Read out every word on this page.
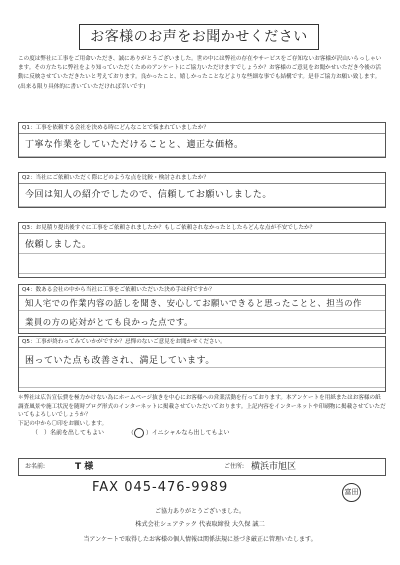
お客様のお声をお聞かせください
この度は弊社に工事をご用命いただき、誠にありがとうございました。世の中には弊社の存在やサービスをご存知ないお客様が沢山いらっしゃいます。その方たちに弊社をより知っていただくためのアンケートにご協力いただけますでしょうか？お客様のご意見をお聞かせいただき今後の活動に反映させていただきたいと考えております。良かったこと、嬉しかったことなどよりな些細な事でも結構です。是非ご協力お願い致します。(出来る限り具体的に書いていただければ幸いです)
Q1：工事を依頼する会社を決める時にどんなことで悩まれていましたか？
丁寧な作業をしていただけることと、適正な価格。
Q2：当社にご依頼いただく際にどのような点を比較・検討されましたか？
今回は知人の紹介でしたので、信頼してお願いしました。
Q3：お見積り提出後すぐに工事をご依頼されましたか？もしご依頼されなかったとしたらどんな点が不安でしたか？
依頼しました。
Q4：数ある会社の中から当社に工事をご依頼いただいた決め手は何ですか？
知人宅での作業内容の話しを聞き、安心してお願いできると思ったことと、担当の作
業員の方の応対がとても良かった点です。
Q5：工事が終わってみていかがですか？忌憚のないご意見をお聞かせください。
困っていた点も改善され、満足しています。
＊弊社は広告宣伝費を極力かけない為にホームページ抜きを中心にお客様への営業活動を行っております。本アンケートを用紙またはお客様の紙調査風景や施工状況を随時ブログ形式のインターネットに掲載させていただいております。上記内容をインターネットや印刷物に掲載させていただいてもよろしいでしょうか？
下記の中から〇印をお願いします。
（　）名前を出してもよい	（ ）イニシャルなら出してもよい
お名前:	T 様	ご住所: 横浜市旭区
FAX 045-476-9989	富田
ご協力ありがとうございました。
株式会社シェアテック 代表取締役 大久保 誠二
当アンケートで取得したお客様の個人情報は関係法規に基づき厳正に管理いたします。
